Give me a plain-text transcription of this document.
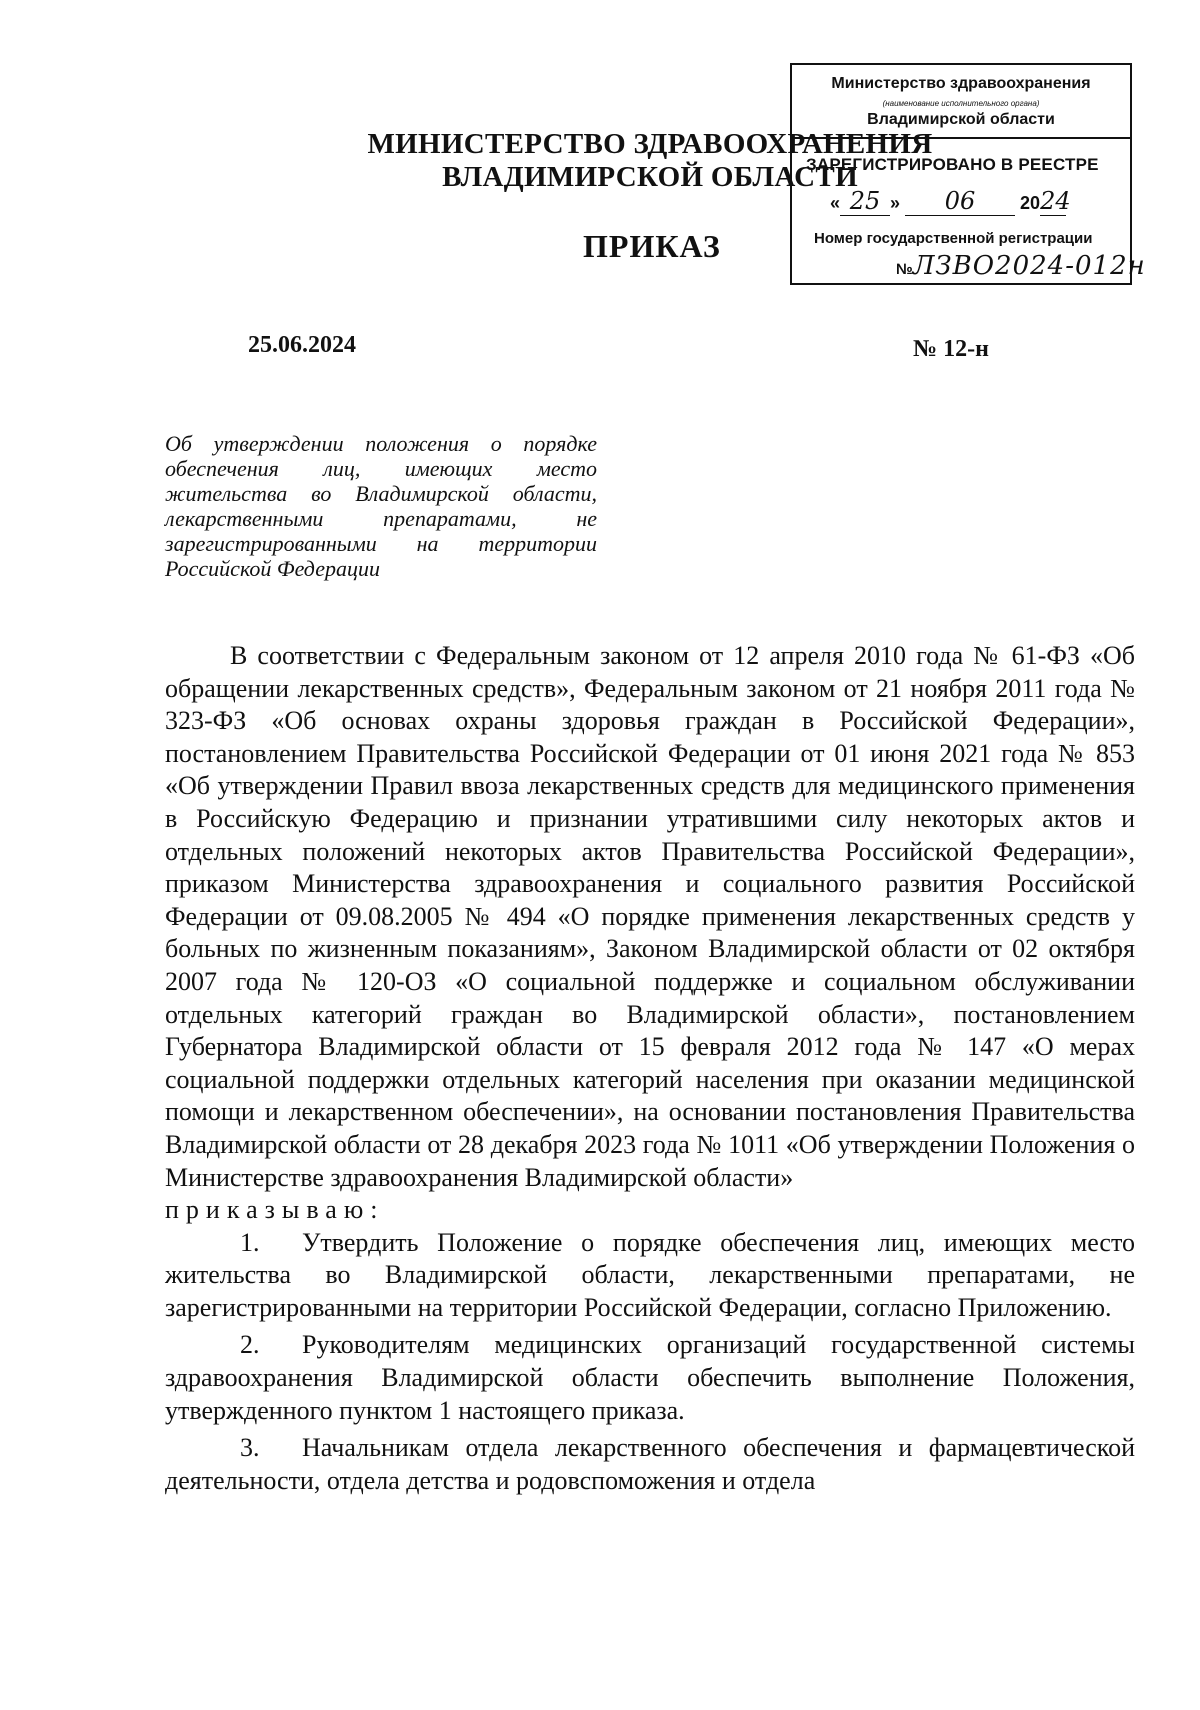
Министерство здравоохранения
(наименование исполнительного органа)
Владимирской области
ЗАРЕГИСТРИРОВАНО В РЕЕСТРЕ
« 25 » 06 2024
Номер государственной регистрации
№ЛЗВО2024-012н
МИНИСТЕРСТВО ЗДРАВООХРАНЕНИЯ
ВЛАДИМИРСКОЙ ОБЛАСТИ
ПРИКАЗ
25.06.2024	№ 12-н
Об утверждении положения о порядке обеспечения лиц, имеющих место жительства во Владимирской области, лекарственными препаратами, не зарегистрированными на территории Российской Федерации

В соответствии с Федеральным законом от 12 апреля 2010 года № 61-ФЗ «Об обращении лекарственных средств», Федеральным законом от 21 ноября 2011 года № 323-ФЗ «Об основах охраны здоровья граждан в Российской Федерации», постановлением Правительства Российской Федерации от 01 июня 2021 года № 853 «Об утверждении Правил ввоза лекарственных средств для медицинского применения в Российскую Федерацию и признании утратившими силу некоторых актов и отдельных положений некоторых актов Правительства Российской Федерации», приказом Министерства здравоохранения и социального развития Российской Федерации от 09.08.2005 № 494 «О порядке применения лекарственных средств у больных по жизненным показаниям», Законом Владимирской области от 02 октября 2007 года № 120-ОЗ «О социальной поддержке и социальном обслуживании отдельных категорий граждан во Владимирской области», постановлением Губернатора Владимирской области от 15 февраля 2012 года № 147 «О мерах социальной поддержки отдельных категорий населения при оказании медицинской помощи и лекарственном обеспечении», на основании постановления Правительства Владимирской области от 28 декабря 2023 года № 1011 «Об утверждении Положения о Министерстве здравоохранения Владимирской области»

приказываю:

1. Утвердить Положение о порядке обеспечения лиц, имеющих место жительства во Владимирской области, лекарственными препаратами, не зарегистрированными на территории Российской Федерации, согласно Приложению.

2. Руководителям медицинских организаций государственной системы здравоохранения Владимирской области обеспечить выполнение Положения, утвержденного пунктом 1 настоящего приказа.

3. Начальникам отдела лекарственного обеспечения и фармацевтической деятельности, отдела детства и родовспоможения и отдела
